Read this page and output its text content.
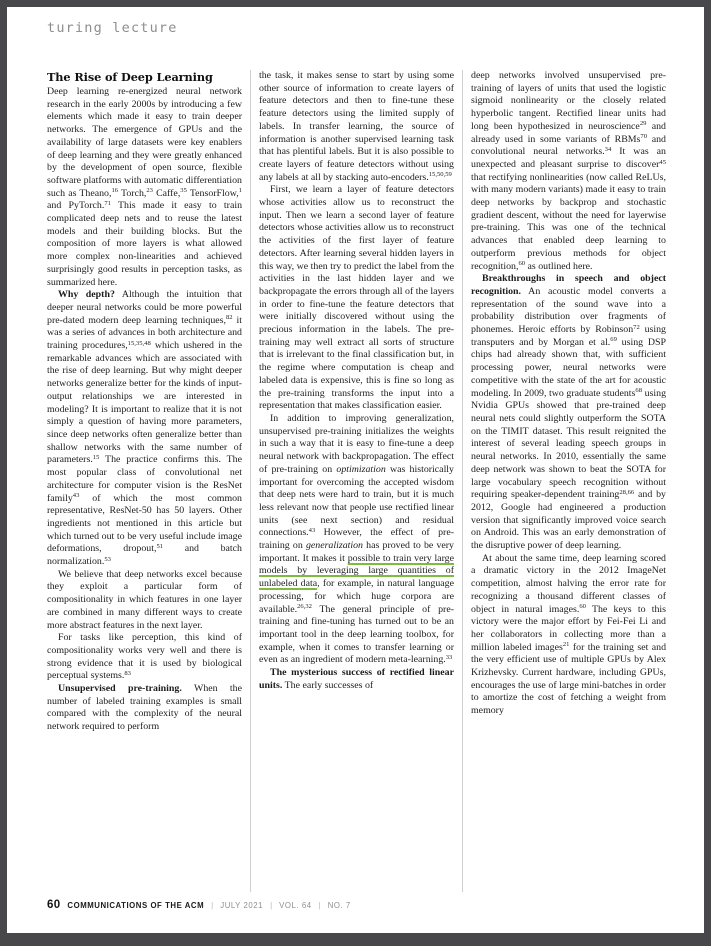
turing lecture
The Rise of Deep Learning

Deep learning re-energized neural network research in the early 2000s by introducing a few elements which made it easy to train deeper networks. The emergence of GPUs and the availability of large datasets were key enablers of deep learning and they were greatly enhanced by the development of open source, flexible software platforms with automatic differentiation such as Theano,$^{16}$ Torch,$^{23}$ Caffe,$^{35}$ TensorFlow,$^1$ and PyTorch.$^{71}$ This made it easy to train complicated deep nets and to reuse the latest models and their building blocks. But the composition of more layers is what allowed more complex non-linearities and achieved surprisingly good results in perception tasks, as summarized here.

Why depth? Although the intuition that deeper neural networks could be more powerful pre-dated modern deep learning techniques,$^{82}$ it was a series of advances in both architecture and training procedures,$^{15,35,48}$ which ushered in the remarkable advances which are associated with the rise of deep learning. But why might deeper networks generalize better for the kinds of input-output relationships we are interested in modeling? It is important to realize that it is not simply a question of having more parameters, since deep networks often generalize better than shallow networks with the same number of parameters.$^{15}$ The practice confirms this. The most popular class of convolutional net architecture for computer vision is the ResNet family$^{43}$ of which the most common representative, ResNet-50 has 50 layers. Other ingredients not mentioned in this article but which turned out to be very useful include image deformations, dropout,$^{51}$ and batch normalization.$^{53}$

We believe that deep networks excel because they exploit a particular form of compositionality in which features in one layer are combined in many different ways to create more abstract features in the next layer.

For tasks like perception, this kind of compositionality works very well and there is strong evidence that it is used by biological perceptual systems.$^{83}$

Unsupervised pre-training. When the number of labeled training examples is small compared with the complexity of the neural network required to perform

the task, it makes sense to start by using some other source of information to create layers of feature detectors and then to fine-tune these feature detectors using the limited supply of labels. In transfer learning, the source of information is another supervised learning task that has plentiful labels. But it is also possible to create layers of feature detectors without using any labels at all by stacking auto-encoders.$^{15,50,59}$

First, we learn a layer of feature detectors whose activities allow us to reconstruct the input. Then we learn a second layer of feature detectors whose activities allow us to reconstruct the activities of the first layer of feature detectors. After learning several hidden layers in this way, we then try to predict the label from the activities in the last hidden layer and we backpropagate the errors through all of the layers in order to fine-tune the feature detectors that were initially discovered without using the precious information in the labels. The pre-training may well extract all sorts of structure that is irrelevant to the final classification but, in the regime where computation is cheap and labeled data is expensive, this is fine so long as the pre-training transforms the input into a representation that makes classification easier.

In addition to improving generalization, unsupervised pre-training initializes the weights in such a way that it is easy to fine-tune a deep neural network with backpropagation. The effect of pre-training on optimization was historically important for overcoming the accepted wisdom that deep nets were hard to train, but it is much less relevant now that people use rectified linear units (see next section) and residual connections.$^{43}$ However, the effect of pre-training on generalization has proved to be very important. It makes it possible to train very large models by leveraging large quantities of unlabeled data, for example, in natural language processing, for which huge corpora are available.$^{26,32}$ The general principle of pre-training and fine-tuning has turned out to be an important tool in the deep learning toolbox, for example, when it comes to transfer learning or even as an ingredient of modern meta-learning.$^{33}$

The mysterious success of rectified linear units. The early successes of

deep networks involved unsupervised pre-training of layers of units that used the logistic sigmoid nonlinearity or the closely related hyperbolic tangent. Rectified linear units had long been hypothesized in neuroscience$^{29}$ and already used in some variants of RBMs$^{70}$ and convolutional neural networks.$^{34}$ It was an unexpected and pleasant surprise to discover$^{45}$ that rectifying nonlinearities (now called ReLUs, with many modern variants) made it easy to train deep networks by backprop and stochastic gradient descent, without the need for layerwise pre-training. This was one of the technical advances that enabled deep learning to outperform previous methods for object recognition,$^{60}$ as outlined here.

Breakthroughs in speech and object recognition. An acoustic model converts a representation of the sound wave into a probability distribution over fragments of phonemes. Heroic efforts by Robinson$^{72}$ using transputers and by Morgan et al.$^{69}$ using DSP chips had already shown that, with sufficient processing power, neural networks were competitive with the state of the art for acoustic modeling. In 2009, two graduate students$^{68}$ using Nvidia GPUs showed that pre-trained deep neural nets could slightly outperform the SOTA on the TIMIT dataset. This result reignited the interest of several leading speech groups in neural networks. In 2010, essentially the same deep network was shown to beat the SOTA for large vocabulary speech recognition without requiring speaker-dependent training$^{28,66}$ and by 2012, Google had engineered a production version that significantly improved voice search on Android. This was an early demonstration of the disruptive power of deep learning.

At about the same time, deep learning scored a dramatic victory in the 2012 ImageNet competition, almost halving the error rate for recognizing a thousand different classes of object in natural images.$^{60}$ The keys to this victory were the major effort by Fei-Fei Li and her collaborators in collecting more than a million labeled images$^{21}$ for the training set and the very efficient use of multiple GPUs by Alex Krizhevsky. Current hardware, including GPUs, encourages the use of large mini-batches in order to amortize the cost of fetching a weight from memory

60 COMMUNICATIONS OF THE ACM | JULY 2021 | VOL. 64 | NO. 7
